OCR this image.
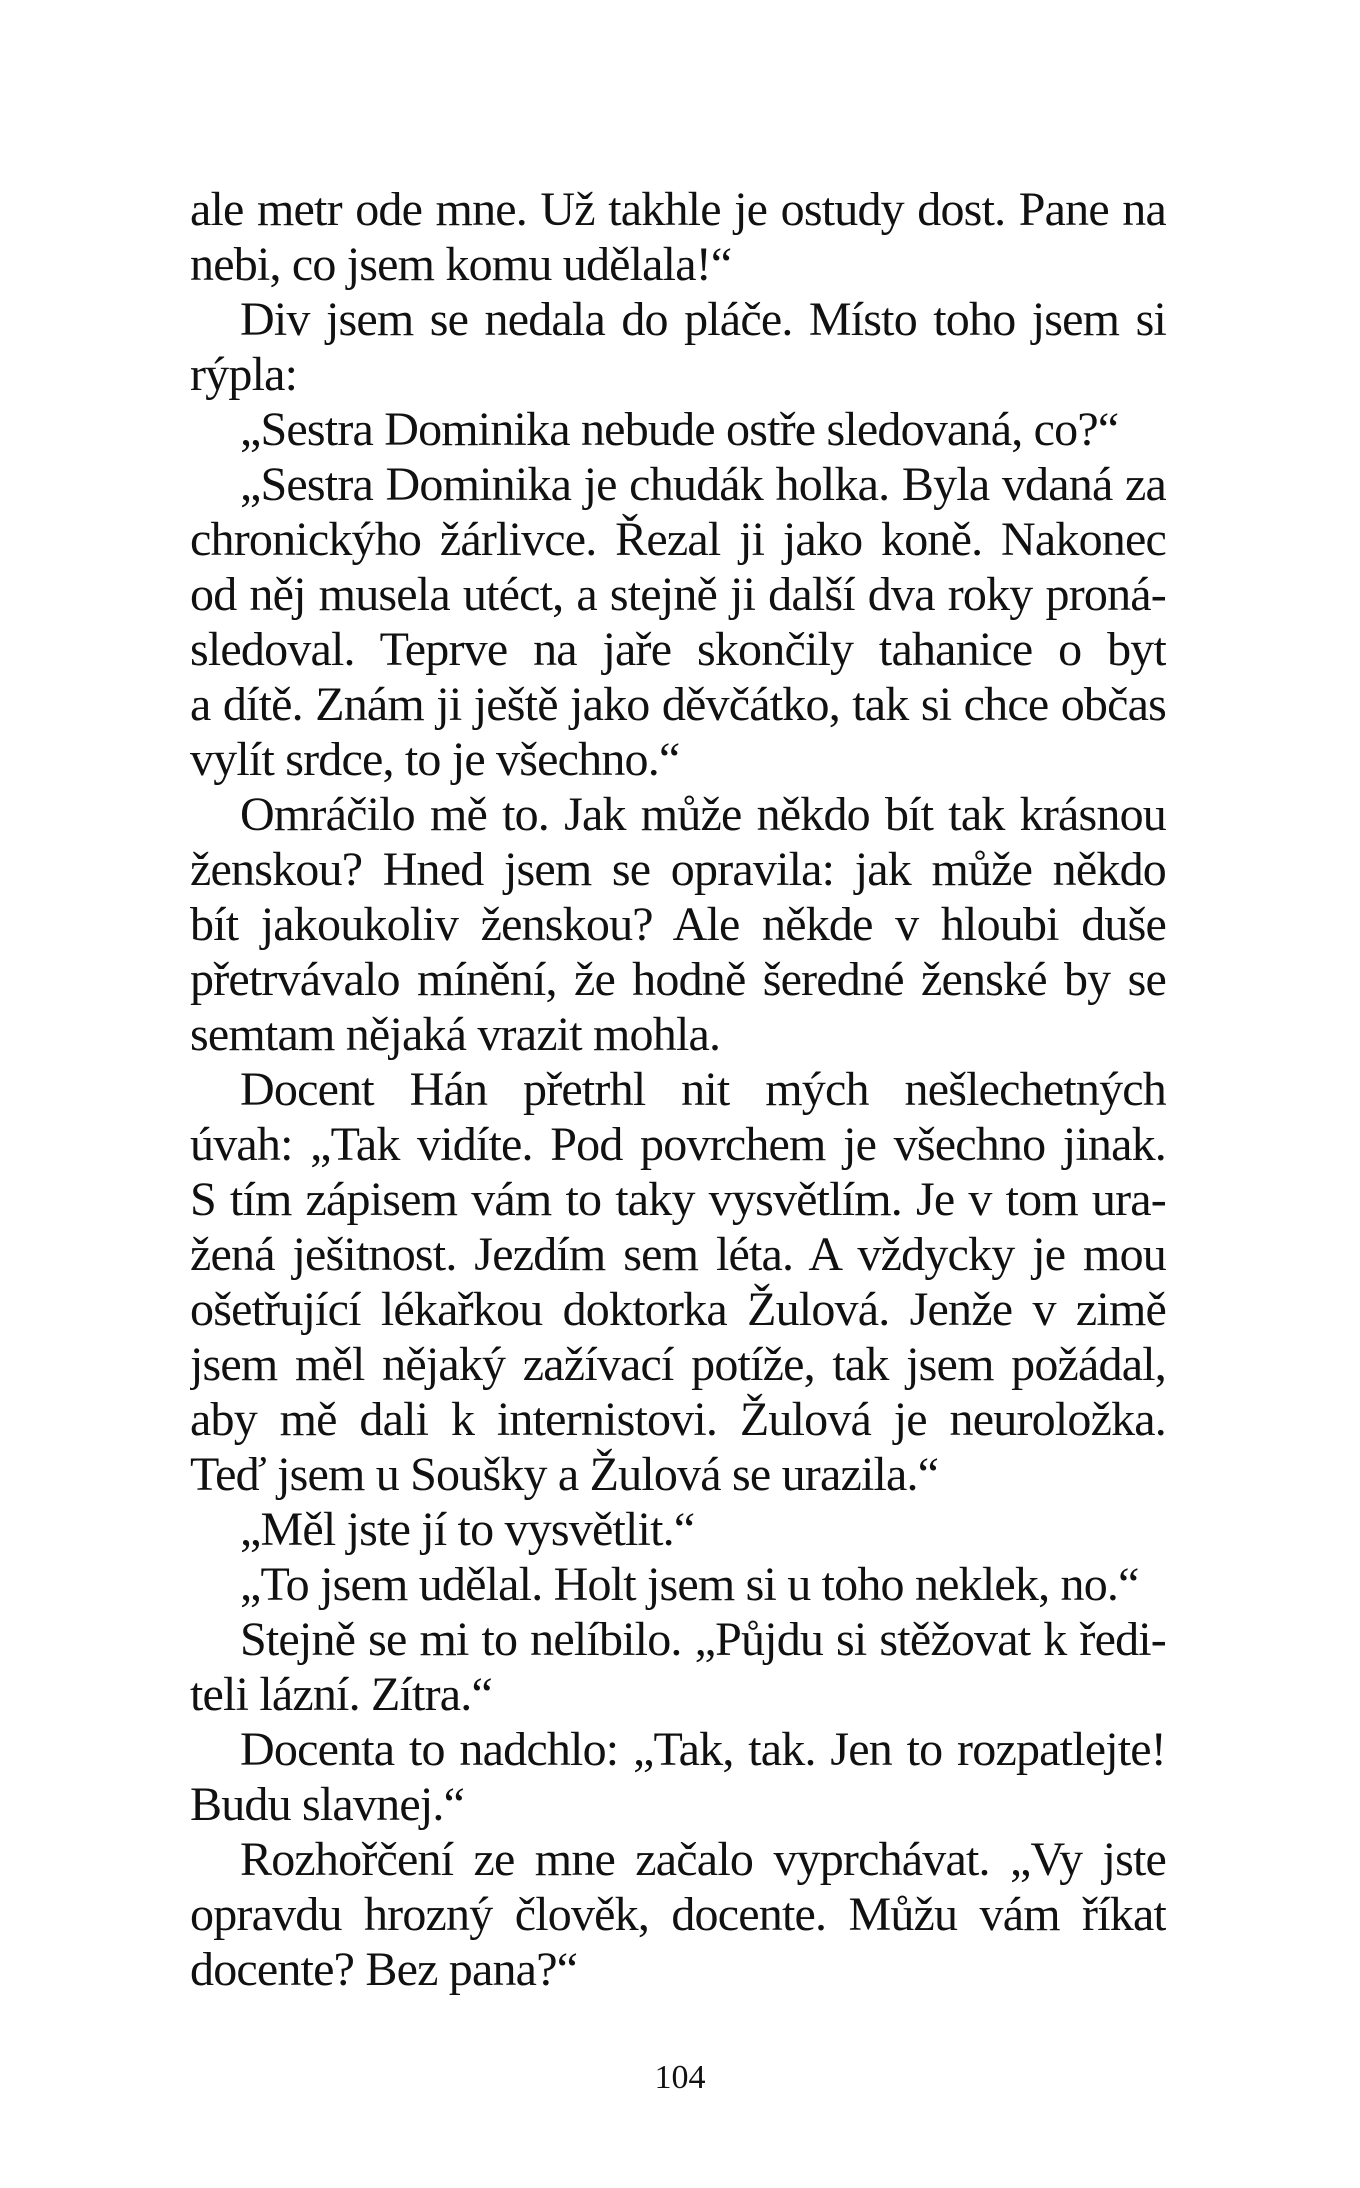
ale metr ode mne. Už takhle je ostudy dost. Pane na
nebi, co jsem komu udělala!“
Div jsem se nedala do pláče. Místo toho jsem si
rýpla:
„Sestra Dominika nebude ostře sledovaná, co?“
„Sestra Dominika je chudák holka. Byla vdaná za
chronickýho žárlivce. Řezal ji jako koně. Nakonec
od něj musela utéct, a stejně ji další dva roky proná-
sledoval. Teprve na jaře skončily tahanice o byt
a dítě. Znám ji ještě jako děvčátko, tak si chce občas
vylít srdce, to je všechno.“
Omráčilo mě to. Jak může někdo bít tak krásnou
ženskou? Hned jsem se opravila: jak může někdo
bít jakoukoliv ženskou? Ale někde v hloubi duše
přetrvávalo mínění, že hodně šeredné ženské by se
semtam nějaká vrazit mohla.
Docent Hán přetrhl nit mých nešlechetných
úvah: „Tak vidíte. Pod povrchem je všechno jinak.
S tím zápisem vám to taky vysvětlím. Je v tom ura-
žená ješitnost. Jezdím sem léta. A vždycky je mou
ošetřující lékařkou doktorka Žulová. Jenže v zimě
jsem měl nějaký zažívací potíže, tak jsem požádal,
aby mě dali k internistovi. Žulová je neuroložka.
Teď jsem u Soušky a Žulová se urazila.“
„Měl jste jí to vysvětlit.“
„To jsem udělal. Holt jsem si u toho neklek, no.“
Stejně se mi to nelíbilo. „Půjdu si stěžovat k ředi-
teli lázní. Zítra.“
Docenta to nadchlo: „Tak, tak. Jen to rozpatlejte!
Budu slavnej.“
Rozhořčení ze mne začalo vyprchávat. „Vy jste
opravdu hrozný člověk, docente. Můžu vám říkat
docente? Bez pana?“
104
